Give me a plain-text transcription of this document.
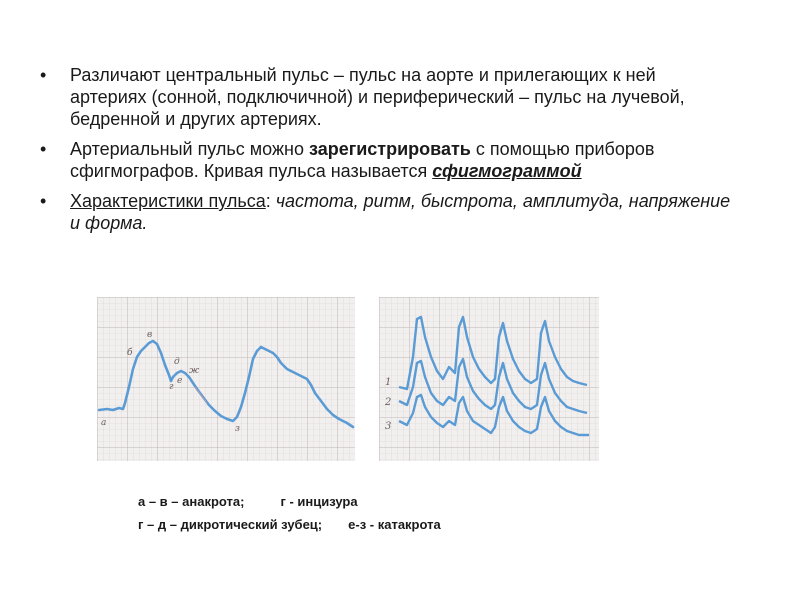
• Различают центральный пульс – пульс на аорте и прилегающих к ней артериях (сонной, подключичной) и периферический – пульс на лучевой, бедренной и других артериях.
• Артериальный пульс можно зарегистрировать с помощью приборов сфигмографов. Кривая пульса называется сфигмограммой
• Характеристики пульса: частота, ритм, быстрота, амплитуда, напряжение и форма.
а
б
в
г
д
е
ж
з
1
2
3
а – в – анакрота;	г - инцизура
г – д – дикротический зубец; е-з - катакрота
